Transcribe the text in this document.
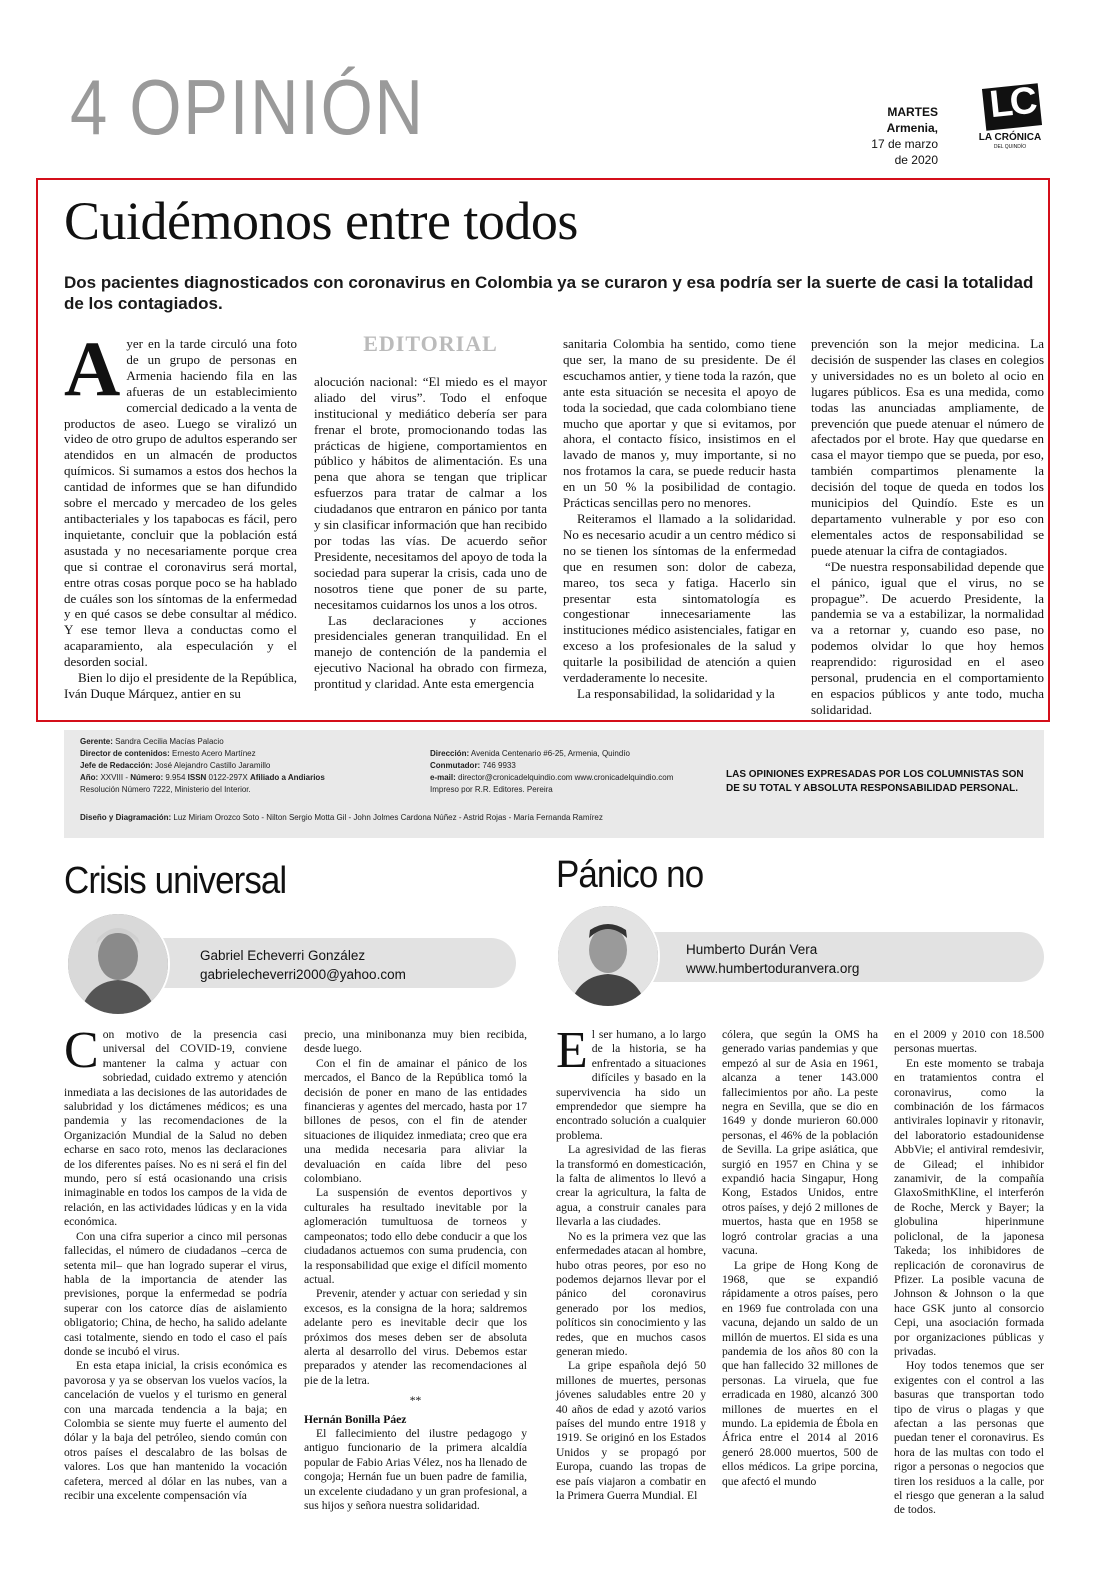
4 OPINIÓN	MARTES
Armenia,
17 de marzo
de 2020
LC
LA CRÓNICA
DEL QUINDÍO
Cuidémonos entre todos
Dos pacientes diagnosticados con coronavirus en Colombia ya se curaron y esa podría ser la suerte de casi la totalidad de los contagiados.

Ayer en la tarde circuló una foto de un grupo de personas en Armenia haciendo fila en las afueras de un establecimiento comercial dedicado a la venta de productos de aseo. Luego se viralizó un video de otro grupo de adultos esperando ser atendidos en un almacén de productos químicos. Si sumamos a estos dos hechos la cantidad de informes que se han difundido sobre el mercado y mercadeo de los geles antibacteriales y los tapabocas es fácil, pero inquietante, concluir que la población está asustada y no necesariamente porque crea que si contrae el coronavirus será mortal, entre otras cosas porque poco se ha hablado de cuáles son los síntomas de la enfermedad y en qué casos se debe consultar al médico. Y ese temor lleva a conductas como el acaparamiento, ala especulación y el desorden social.

Bien lo dijo el presidente de la República, Iván Duque Márquez, antier en su

EDITORIAL

alocución nacional: “El miedo es el mayor aliado del virus”. Todo el enfoque institucional y mediático debería ser para frenar el brote, promocionando todas las prácticas de higiene, comportamientos en público y hábitos de alimentación. Es una pena que ahora se tengan que triplicar esfuerzos para tratar de calmar a los ciudadanos que entraron en pánico por tanta y sin clasificar información que han recibido por todas las vías. De acuerdo señor Presidente, necesitamos del apoyo de toda la sociedad para superar la crisis, cada uno de nosotros tiene que poner de su parte, necesitamos cuidarnos los unos a los otros.

Las declaraciones y acciones presidenciales generan tranquilidad. En el manejo de contención de la pandemia el ejecutivo Nacional ha obrado con firmeza, prontitud y claridad. Ante esta emergencia

sanitaria Colombia ha sentido, como tiene que ser, la mano de su presidente. De él escuchamos antier, y tiene toda la razón, que ante esta situación se necesita el apoyo de toda la sociedad, que cada colombiano tiene mucho que aportar y que si evitamos, por ahora, el contacto físico, insistimos en el lavado de manos y, muy importante, si no nos frotamos la cara, se puede reducir hasta en un 50 % la posibilidad de contagio. Prácticas sencillas pero no menores.

Reiteramos el llamado a la solidaridad. No es necesario acudir a un centro médico si no se tienen los síntomas de la enfermedad que en resumen son: dolor de cabeza, mareo, tos seca y fatiga. Hacerlo sin presentar esta sintomatología es congestionar innecesariamente las instituciones médico asistenciales, fatigar en exceso a los profesionales de la salud y quitarle la posibilidad de atención a quien verdaderamente lo necesite.

La responsabilidad, la solidaridad y la

prevención son la mejor medicina. La decisión de suspender las clases en colegios y universidades no es un boleto al ocio en lugares públicos. Esa es una medida, como todas las anunciadas ampliamente, de prevención que puede atenuar el número de afectados por el brote. Hay que quedarse en casa el mayor tiempo que se pueda, por eso, también compartimos plenamente la decisión del toque de queda en todos los municipios del Quindío. Este es un departamento vulnerable y por eso con elementales actos de responsabilidad se puede atenuar la cifra de contagiados.

“De nuestra responsabilidad depende que el pánico, igual que el virus, no se propague”. De acuerdo Presidente, la pandemia se va a estabilizar, la normalidad va a retornar y, cuando eso pase, no podemos olvidar lo que hoy hemos reaprendido: rigurosidad en el aseo personal, prudencia en el comportamiento en espacios públicos y ante todo, mucha solidaridad.

Gerente: Sandra Cecilia Macías Palacio
Director de contenidos: Ernesto Acero Martínez
Jefe de Redacción: José Alejandro Castillo Jaramillo
Año: XXVIII - Número: 9.954 ISSN 0122-297X Afiliado a Andiarios
Resolución Número 7222, Ministerio del Interior.
Dirección: Avenida Centenario #6-25, Armenia, Quindío
Conmutador: 746 9933
e-mail: director@cronicadelquindio.com www.cronicadelquindio.com
Impreso por R.R. Editores. Pereira
Diseño y Diagramación: Luz Miriam Orozco Soto - Nilton Sergio Motta Gil - John Jolmes Cardona Núñez - Astrid Rojas - María Fernanda Ramírez
LAS OPINIONES EXPRESADAS POR LOS COLUMNISTAS SON DE SU TOTAL Y ABSOLUTA RESPONSABILIDAD PERSONAL.
Crisis universal
Gabriel Echeverri González
gabrielecheverri2000@yahoo.com

Con motivo de la presencia casi universal del COVID-19, conviene mantener la calma y actuar con sobriedad, cuidado extremo y atención inmediata a las decisiones de las autoridades de salubridad y los dictámenes médicos; es una pandemia y las recomendaciones de la Organización Mundial de la Salud no deben echarse en saco roto, menos las declaraciones de los diferentes países. No es ni será el fin del mundo, pero sí está ocasionando una crisis inimaginable en todos los campos de la vida de relación, en las actividades lúdicas y en la vida económica.

Con una cifra superior a cinco mil personas fallecidas, el número de ciudadanos –cerca de setenta mil– que han logrado superar el virus, habla de la importancia de atender las previsiones, porque la enfermedad se podría superar con los catorce días de aislamiento obligatorio; China, de hecho, ha salido adelante casi totalmente, siendo en todo el caso el país donde se incubó el virus.

En esta etapa inicial, la crisis económica es pavorosa y ya se observan los vuelos vacíos, la cancelación de vuelos y el turismo en general con una marcada tendencia a la baja; en Colombia se siente muy fuerte el aumento del dólar y la baja del petróleo, siendo común con otros países el descalabro de las bolsas de valores. Los que han mantenido la vocación cafetera, merced al dólar en las nubes, van a recibir una excelente compensación vía

precio, una minibonanza muy bien recibida, desde luego.

Con el fin de amainar el pánico de los mercados, el Banco de la República tomó la decisión de poner en mano de las entidades financieras y agentes del mercado, hasta por 17 billones de pesos, con el fin de atender situaciones de iliquidez inmediata; creo que era una medida necesaria para aliviar la devaluación en caída libre del peso colombiano.

La suspensión de eventos deportivos y culturales ha resultado inevitable por la aglomeración tumultuosa de torneos y campeonatos; todo ello debe conducir a que los ciudadanos actuemos con suma prudencia, con la responsabilidad que exige el difícil momento actual.

Prevenir, atender y actuar con seriedad y sin excesos, es la consigna de la hora; saldremos adelante pero es inevitable decir que los próximos dos meses deben ser de absoluta alerta al desarrollo del virus. Debemos estar preparados y atender las recomendaciones al pie de la letra.

**

Hernán Bonilla Páez

El fallecimiento del ilustre pedagogo y antiguo funcionario de la primera alcaldía popular de Fabio Arias Vélez, nos ha llenado de congoja; Hernán fue un buen padre de familia, un excelente ciudadano y un gran profesional, a sus hijos y señora nuestra solidaridad.

Pánico no
Humberto Durán Vera
www.humbertoduranvera.org

El ser humano, a lo largo de la historia, se ha enfrentado a situaciones difíciles y basado en la supervivencia ha sido un emprendedor que siempre ha encontrado solución a cualquier problema.

La agresividad de las fieras la transformó en domesticación, la falta de alimentos lo llevó a crear la agricultura, la falta de agua, a construir canales para llevarla a las ciudades.

No es la primera vez que las enfermedades atacan al hombre, hubo otras peores, por eso no podemos dejarnos llevar por el pánico del coronavirus generado por los medios, políticos sin conocimiento y las redes, que en muchos casos generan miedo.

La gripe española dejó 50 millones de muertes, personas jóvenes saludables entre 20 y 40 años de edad y azotó varios países del mundo entre 1918 y 1919. Se originó en los Estados Unidos y se propagó por Europa, cuando las tropas de ese país viajaron a combatir en la Primera Guerra Mundial. El

cólera, que según la OMS ha generado varias pandemias y que empezó al sur de Asia en 1961, alcanza a tener 143.000 fallecimientos por año. La peste negra en Sevilla, que se dio en 1649 y donde murieron 60.000 personas, el 46% de la población de Sevilla. La gripe asiática, que surgió en 1957 en China y se expandió hacia Singapur, Hong Kong, Estados Unidos, entre otros países, y dejó 2 millones de muertos, hasta que en 1958 se logró controlar gracias a una vacuna.

La gripe de Hong Kong de 1968, que se expandió rápidamente a otros países, pero en 1969 fue controlada con una vacuna, dejando un saldo de un millón de muertos. El sida es una pandemia de los años 80 con la que han fallecido 32 millones de personas. La viruela, que fue erradicada en 1980, alcanzó 300 millones de muertes en el mundo. La epidemia de Ébola en África entre el 2014 al 2016 generó 28.000 muertos, 500 de ellos médicos. La gripe porcina, que afectó el mundo

en el 2009 y 2010 con 18.500 personas muertas.

En este momento se trabaja en tratamientos contra el coronavirus, como la combinación de los fármacos antivirales lopinavir y ritonavir, del laboratorio estadounidense AbbVie; el antiviral remdesivir, de Gilead; el inhibidor zanamivir, de la compañía GlaxoSmithKline, el interferón de Roche, Merck y Bayer; la globulina hiperinmune policlonal, de la japonesa Takeda; los inhibidores de replicación de coronavirus de Pfizer. La posible vacuna de Johnson & Johnson o la que hace GSK junto al consorcio Cepi, una asociación formada por organizaciones públicas y privadas.

Hoy todos tenemos que ser exigentes con el control a las basuras que transportan todo tipo de virus o plagas y que afectan a las personas que puedan tener el coronavirus. Es hora de las multas con todo el rigor a personas o negocios que tiren los residuos a la calle, por el riesgo que generan a la salud de todos.
